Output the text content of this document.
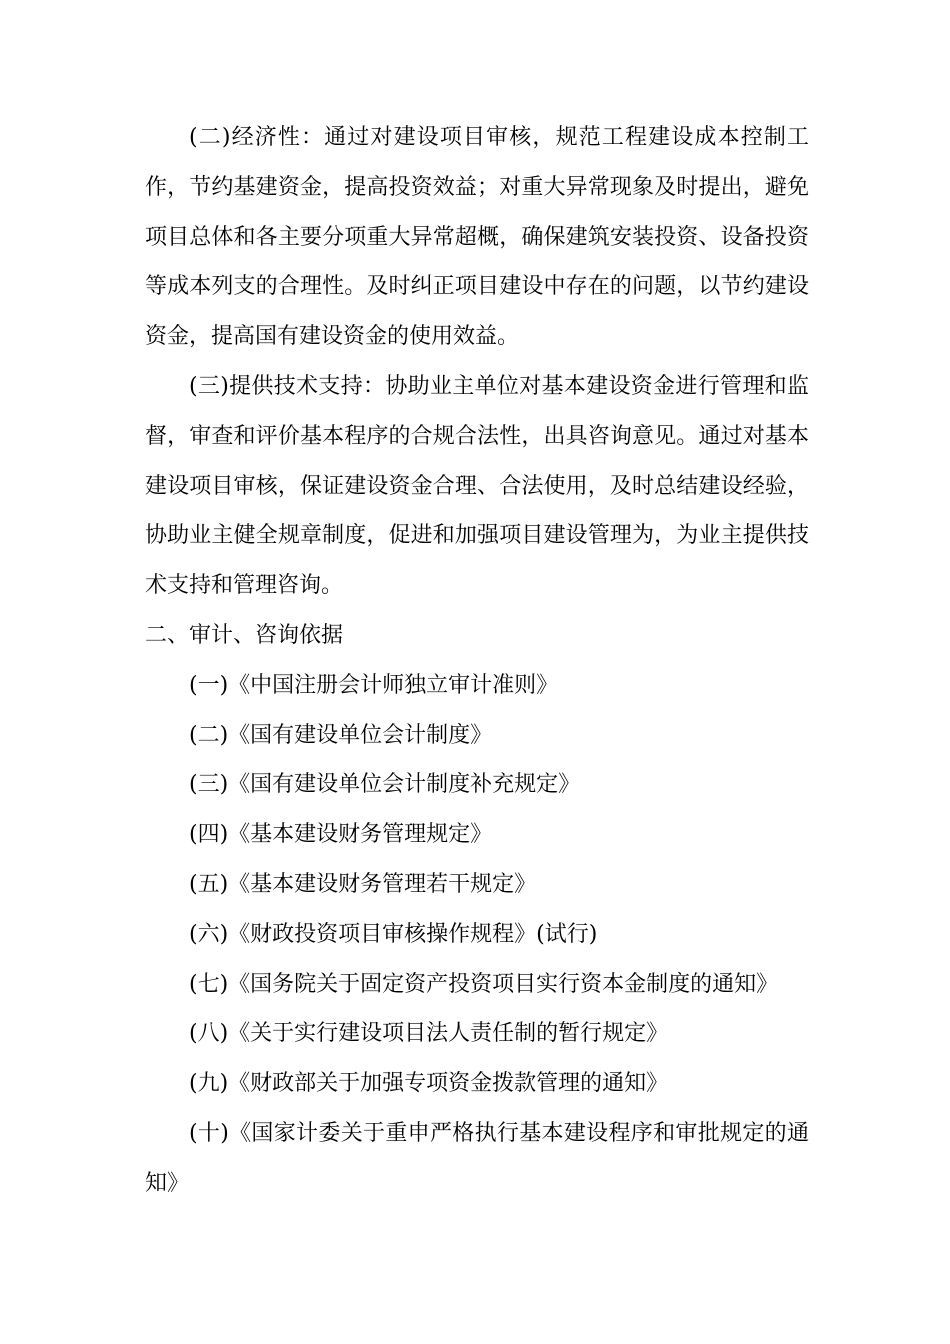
(二)经济性：通过对建设项目审核，规范工程建设成本控制工作，节约基建资金，提高投资效益；对重大异常现象及时提出，避免项目总体和各主要分项重大异常超概，确保建筑安装投资、设备投资等成本列支的合理性。及时纠正项目建设中存在的问题，以节约建设资金，提高国有建设资金的使用效益。

(三)提供技术支持：协助业主单位对基本建设资金进行管理和监督，审查和评价基本程序的合规合法性，出具咨询意见。通过对基本建设项目审核，保证建设资金合理、合法使用，及时总结建设经验，协助业主健全规章制度，促进和加强项目建设管理为，为业主提供技术支持和管理咨询。

二、审计、咨询依据

(一)《中国注册会计师独立审计准则》

(二)《国有建设单位会计制度》

(三)《国有建设单位会计制度补充规定》

(四)《基本建设财务管理规定》

(五)《基本建设财务管理若干规定》

(六)《财政投资项目审核操作规程》(试行)

(七)《国务院关于固定资产投资项目实行资本金制度的通知》

(八)《关于实行建设项目法人责任制的暂行规定》

(九)《财政部关于加强专项资金拨款管理的通知》

(十)《国家计委关于重申严格执行基本建设程序和审批规定的通知》
